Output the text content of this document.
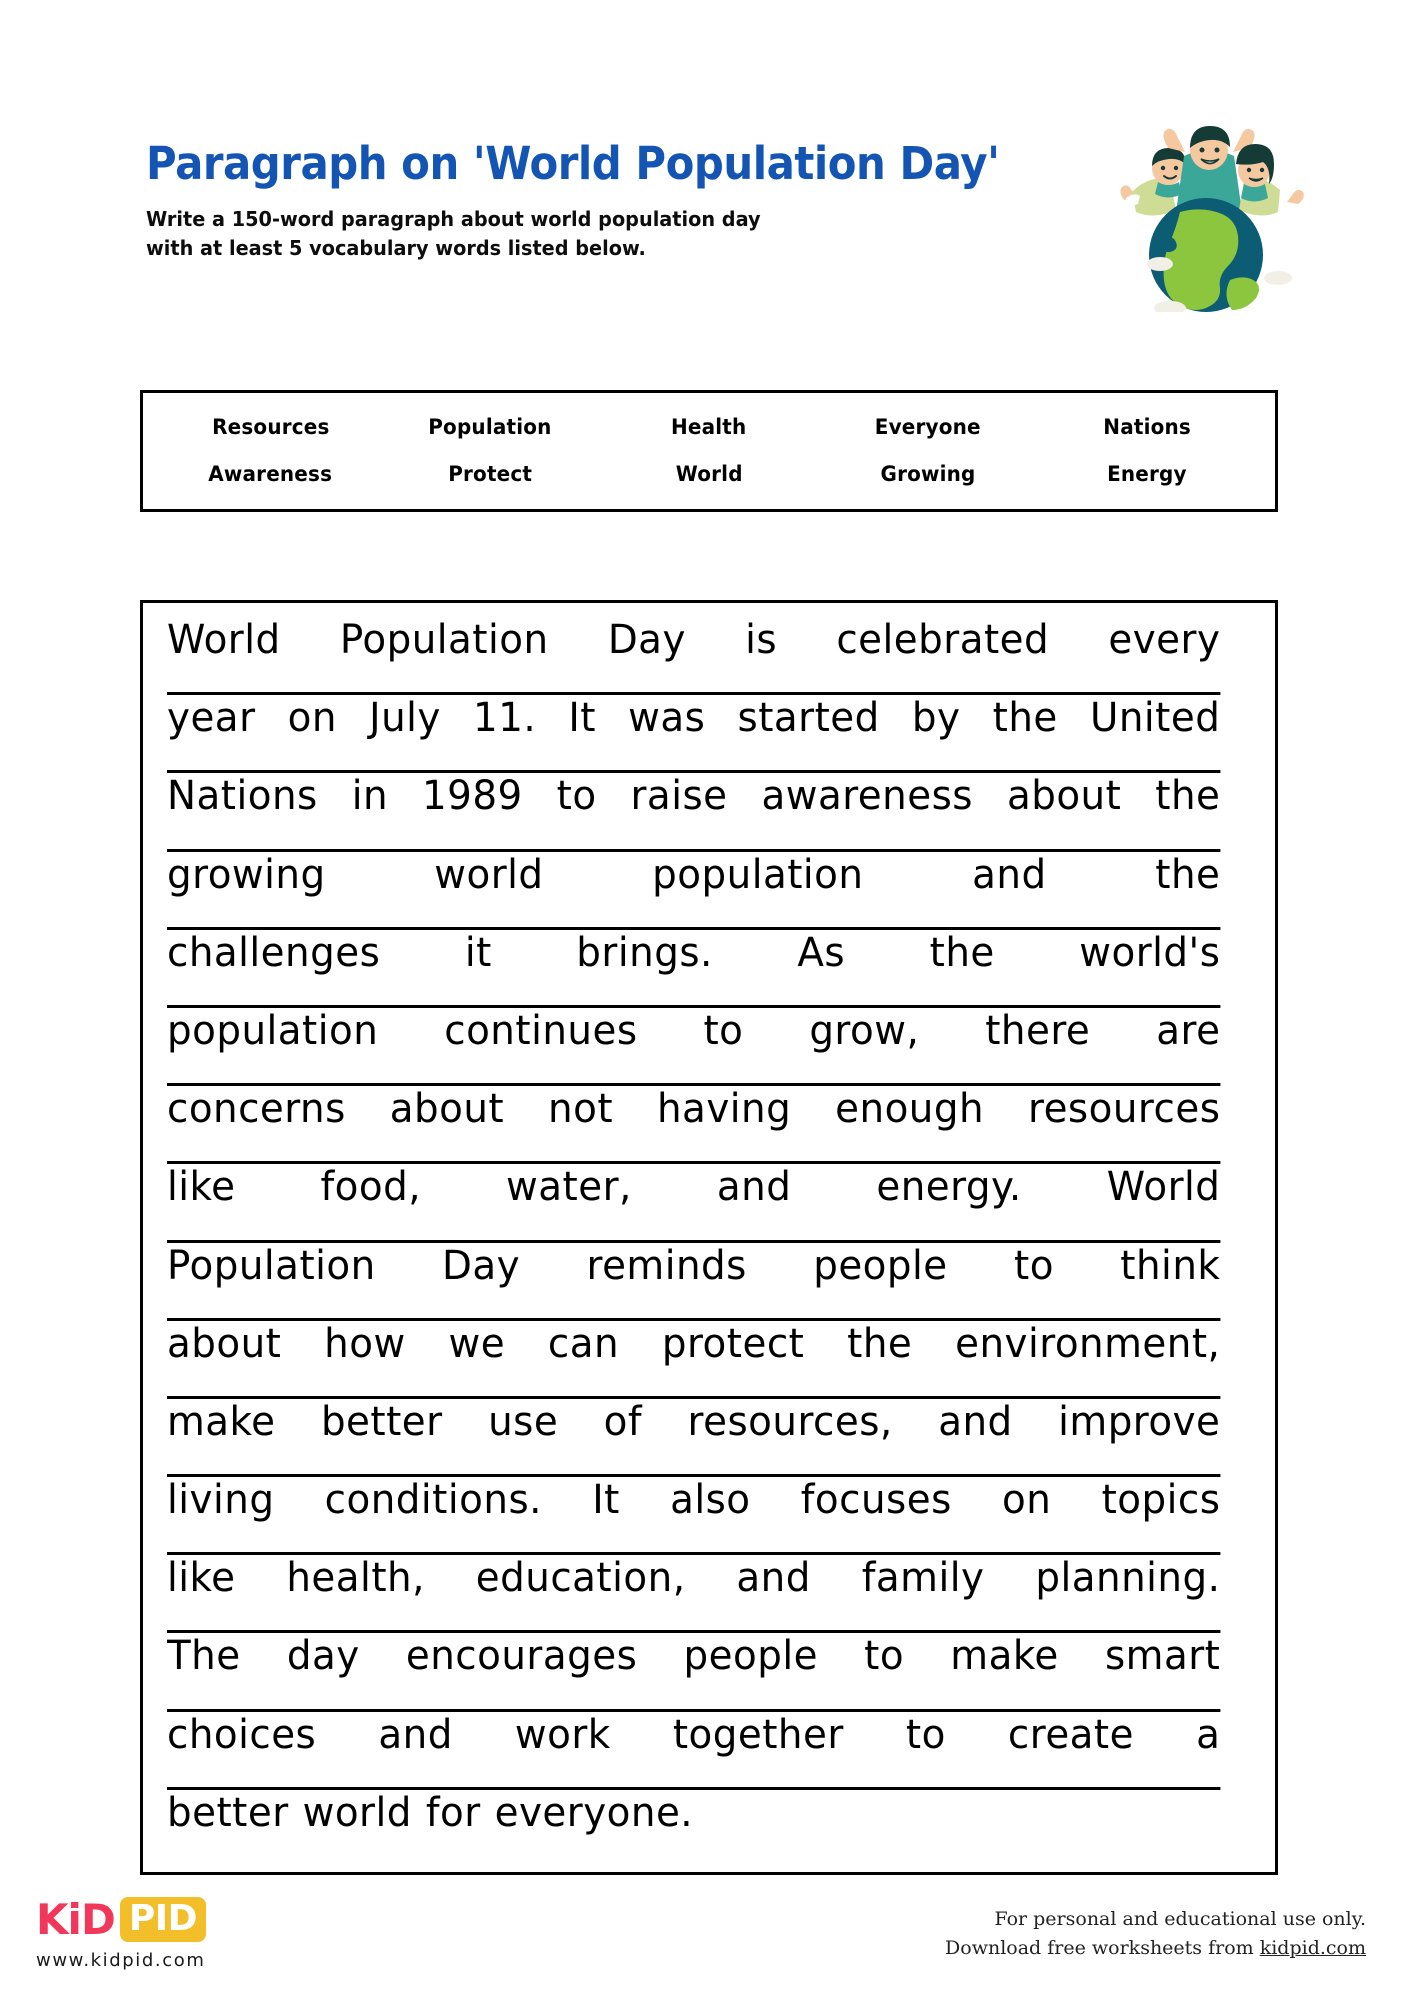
Paragraph on 'World Population Day'
Write a 150-word paragraph about world population day
with at least 5 vocabulary words listed below.
Resources	Population	Health	Everyone	Nations
Awareness	Protect	World	Growing	Energy
World Population Day is celebrated every
year on July 11. It was started by the United
Nations in 1989 to raise awareness about the
growing	world	population	and	the
challenges it brings. As the world's
population continues to grow, there are
concerns about not having enough resources
like food, water, and energy. World
Population Day reminds people to think
about how we can protect the environment,
make better use of resources, and improve
living conditions. It also focuses on topics
like health, education, and family planning.
The day encourages people to make smart
choices and work together to create a
better world for everyone.
KiD PID
www.kidpid.com
For personal and educational use only.
Download free worksheets from kidpid.com
